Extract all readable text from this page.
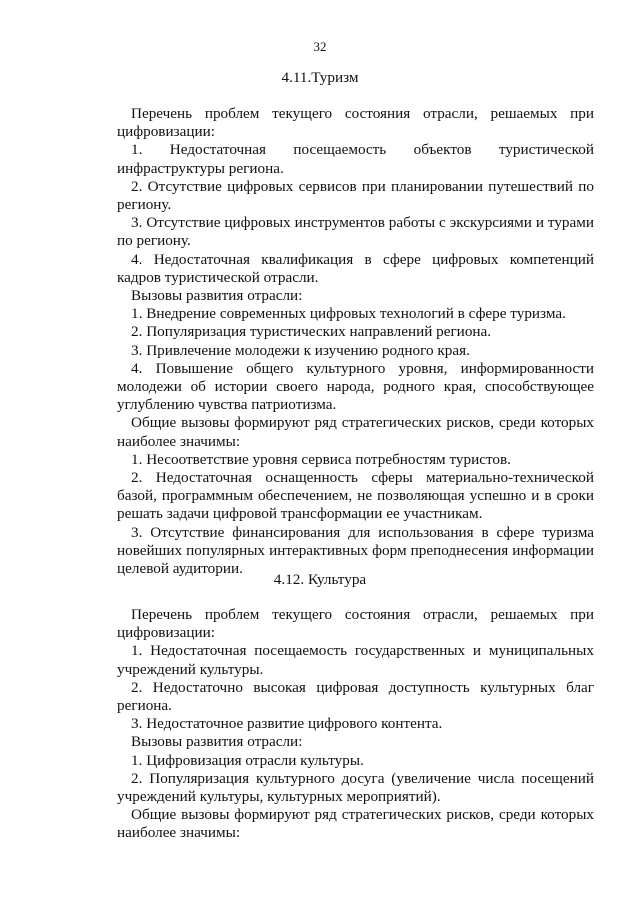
32
4.11.Туризм

Перечень проблем текущего состояния отрасли, решаемых при цифровизации:

1. Недостаточная посещаемость объектов туристической инфраструктуры региона.

2. Отсутствие цифровых сервисов при планировании путешествий по региону.

3. Отсутствие цифровых инструментов работы с экскурсиями и турами по региону.

4. Недостаточная квалификация в сфере цифровых компетенций кадров туристической отрасли.

Вызовы развития отрасли:

1. Внедрение современных цифровых технологий в сфере туризма.

2. Популяризация туристических направлений региона.

3. Привлечение молодежи к изучению родного края.

4. Повышение общего культурного уровня, информированности молодежи об истории своего народа, родного края, способствующее углублению чувства патриотизма.

Общие вызовы формируют ряд стратегических рисков, среди которых наиболее значимы:

1. Несоответствие уровня сервиса потребностям туристов.

2. Недостаточная оснащенность сферы материально-технической базой, программным обеспечением, не позволяющая успешно и в сроки решать задачи цифровой трансформации ее участникам.

3. Отсутствие финансирования для использования в сфере туризма новейших популярных интерактивных форм преподнесения информации целевой аудитории.

4.12. Культура

Перечень проблем текущего состояния отрасли, решаемых при цифровизации:

1. Недостаточная посещаемость государственных и муниципальных учреждений культуры.

2. Недостаточно высокая цифровая доступность культурных благ региона.

3. Недостаточное развитие цифрового контента.

Вызовы развития отрасли:

1. Цифровизация отрасли культуры.

2. Популяризация культурного досуга (увеличение числа посещений учреждений культуры, культурных мероприятий).

Общие вызовы формируют ряд стратегических рисков, среди которых наиболее значимы:
